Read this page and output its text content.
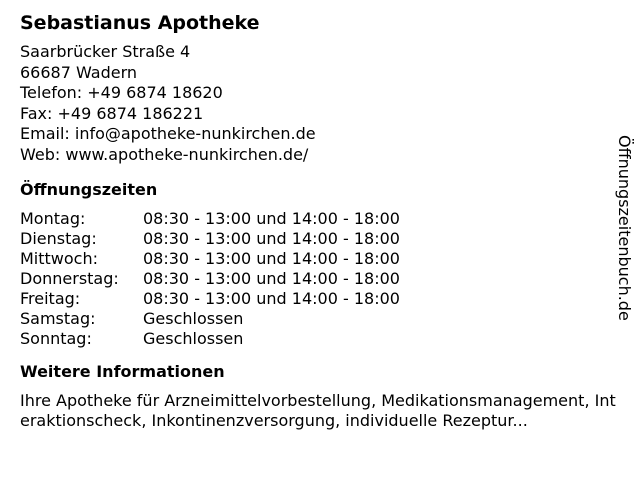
Sebastianus Apotheke
Saarbrücker Straße 4
66687 Wadern
Telefon: +49 6874 18620
Fax: +49 6874 186221
Email: info@apotheke-nunkirchen.de
Web: www.apotheke-nunkirchen.de/
Öffnungszeiten
Montag:	08:30 - 13:00 und 14:00 - 18:00
Dienstag:	08:30 - 13:00 und 14:00 - 18:00
Mittwoch:	08:30 - 13:00 und 14:00 - 18:00
Donnerstag:	08:30 - 13:00 und 14:00 - 18:00
Freitag:	08:30 - 13:00 und 14:00 - 18:00
Samstag:	Geschlossen
Sonntag:	Geschlossen
Weitere Informationen
Ihre Apotheke für Arzneimittelvorbestellung, Medikationsmanagement, Interaktionscheck, Inkontinenzversorgung, individuelle Rezeptur...
Öffnungszeitenbuch.de
